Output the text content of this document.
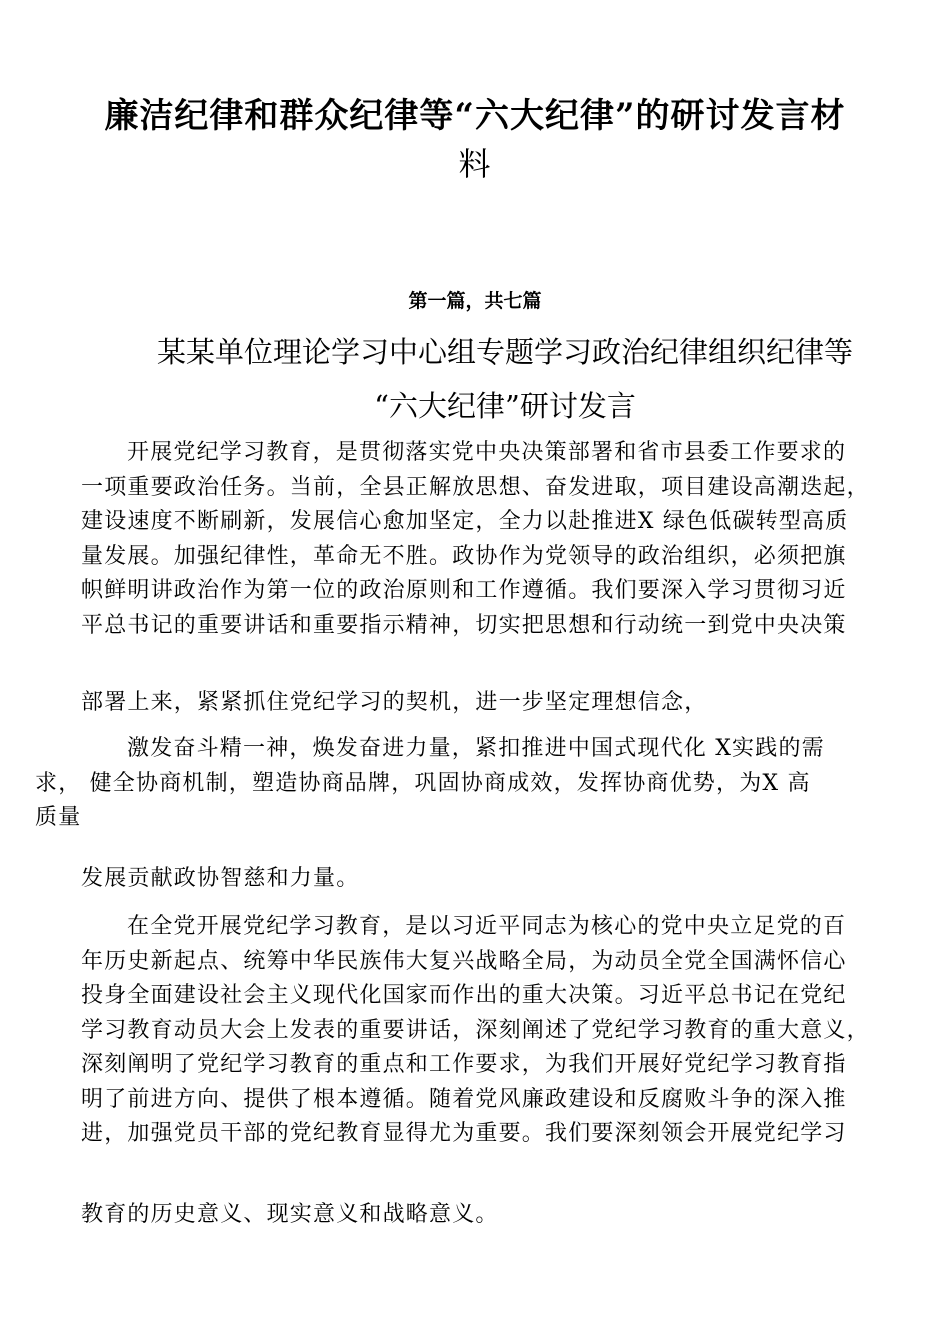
廉洁纪律和群众纪律等“六大纪律”的研讨发言材
料
第一篇，共七篇
某某单位理论学习中心组专题学习政治纪律组织纪律等
“六大纪律”研讨发言
开展党纪学习教育，是贯彻落实党中央决策部署和省市县委工作要求的
一项重要政治任务。当前，全县正解放思想、奋发进取，项目建设高潮迭起，
建设速度不断刷新，发展信心愈加坚定，全力以赴推进X 绿色低碳转型高质
量发展。加强纪律性，革命无不胜。政协作为党领导的政治组织，必须把旗
帜鲜明讲政治作为第一位的政治原则和工作遵循。我们要深入学习贯彻习近
平总书记的重要讲话和重要指示精神，切实把思想和行动统一到党中央决策
部署上来，紧紧抓住党纪学习的契机，进一步坚定理想信念，
激发奋斗精一神，焕发奋进力量，紧扣推进中国式现代化 X实践的需
求， 健全协商机制，塑造协商品牌，巩固协商成效，发挥协商优势，为X 高
质量
发展贡献政协智慈和力量。
在全党开展党纪学习教育，是以习近平同志为核心的党中央立足党的百
年历史新起点、统筹中华民族伟大复兴战略全局，为动员全党全国满怀信心
投身全面建设社会主义现代化国家而作出的重大决策。习近平总书记在党纪
学习教育动员大会上发表的重要讲话，深刻阐述了党纪学习教育的重大意义，
深刻阐明了党纪学习教育的重点和工作要求，为我们开展好党纪学习教育指
明了前进方向、提供了根本遵循。随着党风廉政建设和反腐败斗争的深入推
进，加强党员干部的党纪教育显得尤为重要。我们要深刻领会开展党纪学习
教育的历史意义、现实意义和战略意义。
